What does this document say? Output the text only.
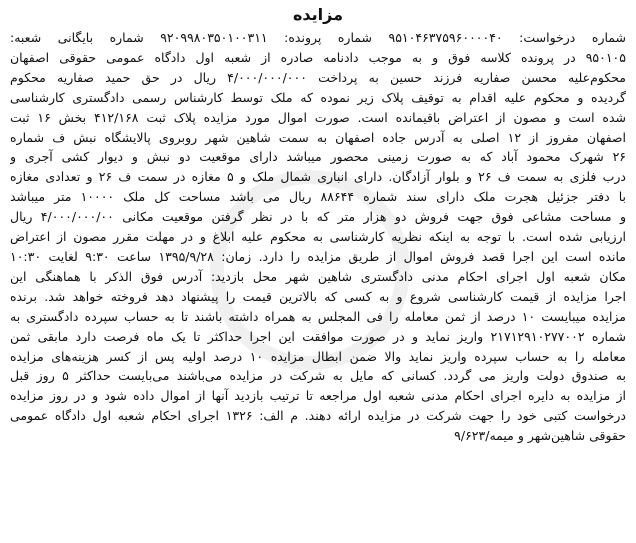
مزایده
شماره درخواست: ۹۵۱۰۴۶۳۷۵۹۶۰۰۰۰۴۰ شماره پرونده: ۹۲۰۹۹۸۰۳۵۰۱۰۰۳۱۱ شماره بایگانی شعبه:
۹۵۰۱۰۵ در پرونده کلاسه فوق و به موجب دادنامه صادره از شعبه اول دادگاه عمومی حقوقی اصفهان
محکوم‌علیه محسن صفاریه فرزند حسین به پرداخت ۴/۰۰۰/۰۰۰/۰۰۰ ریال در حق حمید صفاریه محکوم
گردیده و محکوم علیه اقدام به توقیف پلاک زیر نموده که ملک توسط کارشناس رسمی دادگستری کارشناسی
شده است و مصون از اعتراض باقیمانده است. صورت اموال مورد مزایده پلاک ثبت ۴۱۲/۱۶۸ بخش ۱۶ ثبت
اصفهان مفروز از ۱۲ اصلی به آدرس جاده اصفهان به سمت شاهین شهر روبروی پالایشگاه نبش ف شماره
۲۶ شهرک محمود آباد که به صورت زمینی محصور میباشد دارای موقعیت دو نبش و دیوار کشی آجری و
درب فلزی به سمت ف ۲۶ و بلوار آزادگان. دارای انباری شمال ملک و ۵ مغازه در سمت ف ۲۶ و تعدادی مغازه
با دفتر جزئیل هجرت ملک دارای سند شماره ۸۸۶۴۴ ریال می باشد مساحت کل ملک ۱۰۰۰۰ متر میباشد
و مساحت مشاعی فوق جهت فروش دو هزار متر که با در نظر گرفتن موقعیت مکانی ۴/۰۰۰/۰۰۰/۰۰ ریال
ارزیابی شده است. با توجه به اینکه نظریه کارشناسی به محکوم علیه ابلاغ و در مهلت مقرر مصون از اعتراض
مانده است این اجرا قصد فروش اموال از طریق مزایده را دارد. زمان: ۱۳۹۵/۹/۲۸ ساعت ۹:۳۰ لغایت ۱۰:۳۰
مکان شعبه اول اجرای احکام مدنی دادگستری شاهین شهر محل بازدید: آدرس فوق الذکر با هماهنگی این
اجرا مزایده از قیمت کارشناسی شروع و به کسی که بالاترین قیمت را پیشنهاد دهد فروخته خواهد شد. برنده
مزایده میبایست ۱۰ درصد از ثمن معامله را فی المجلس به همراه داشته باشند تا به حساب سپرده دادگستری به
شماره ۲۱۷۱۲۹۱۰۲۷۷۰۰۲ واریز نماید و در صورت موافقت این اجرا حداکثر تا یک ماه فرصت دارد مابقی ثمن
معامله را به حساب سپرده واریز نماید والا ضمن ابطال مزایده ۱۰ درصد اولیه پس از کسر هزینه‌های مزایده
به صندوق دولت واریز می گردد. کسانی که مایل به شرکت در مزایده می‌باشند می‌بایست حداکثر ۵ روز قبل
از مزایده به دایره اجرای احکام مدنی شعبه اول مراجعه تا ترتیب بازدید آنها از اموال داده شود و در روز مزایده
درخواست کتبی خود را جهت شرکت در مزایده ارائه دهند. م الف: ۱۳۲۶ اجرای احکام شعبه اول دادگاه عمومی
حقوقی شاهین‌شهر و میمه/۹/۶۲۳
